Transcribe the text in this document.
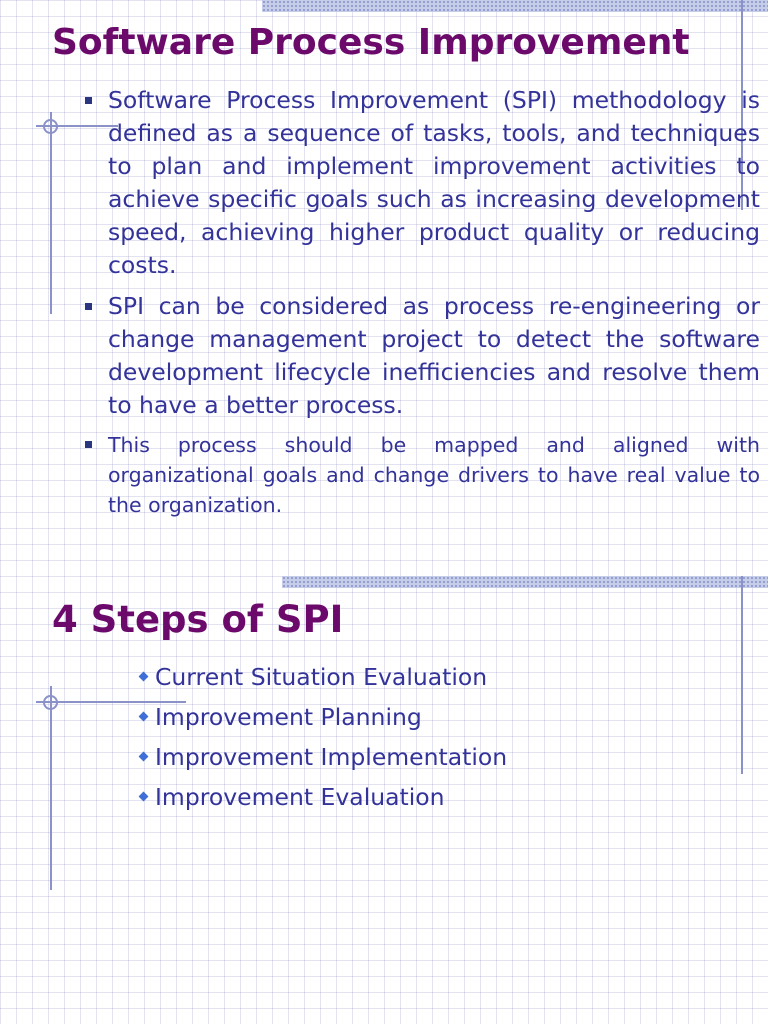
Software Process Improvement
Software Process Improvement (SPI) methodology is defined as a sequence of tasks, tools, and techniques to plan and implement improvement activities to achieve specific goals such as increasing development speed, achieving higher product quality or reducing costs.
SPI can be considered as process re-engineering or change management project to detect the software development lifecycle inefficiencies and resolve them to have a better process.
This process should be mapped and aligned with organizational goals and change drivers to have real value to the organization.
4 Steps of SPI
Current Situation Evaluation
Improvement Planning
Improvement Implementation
Improvement Evaluation
